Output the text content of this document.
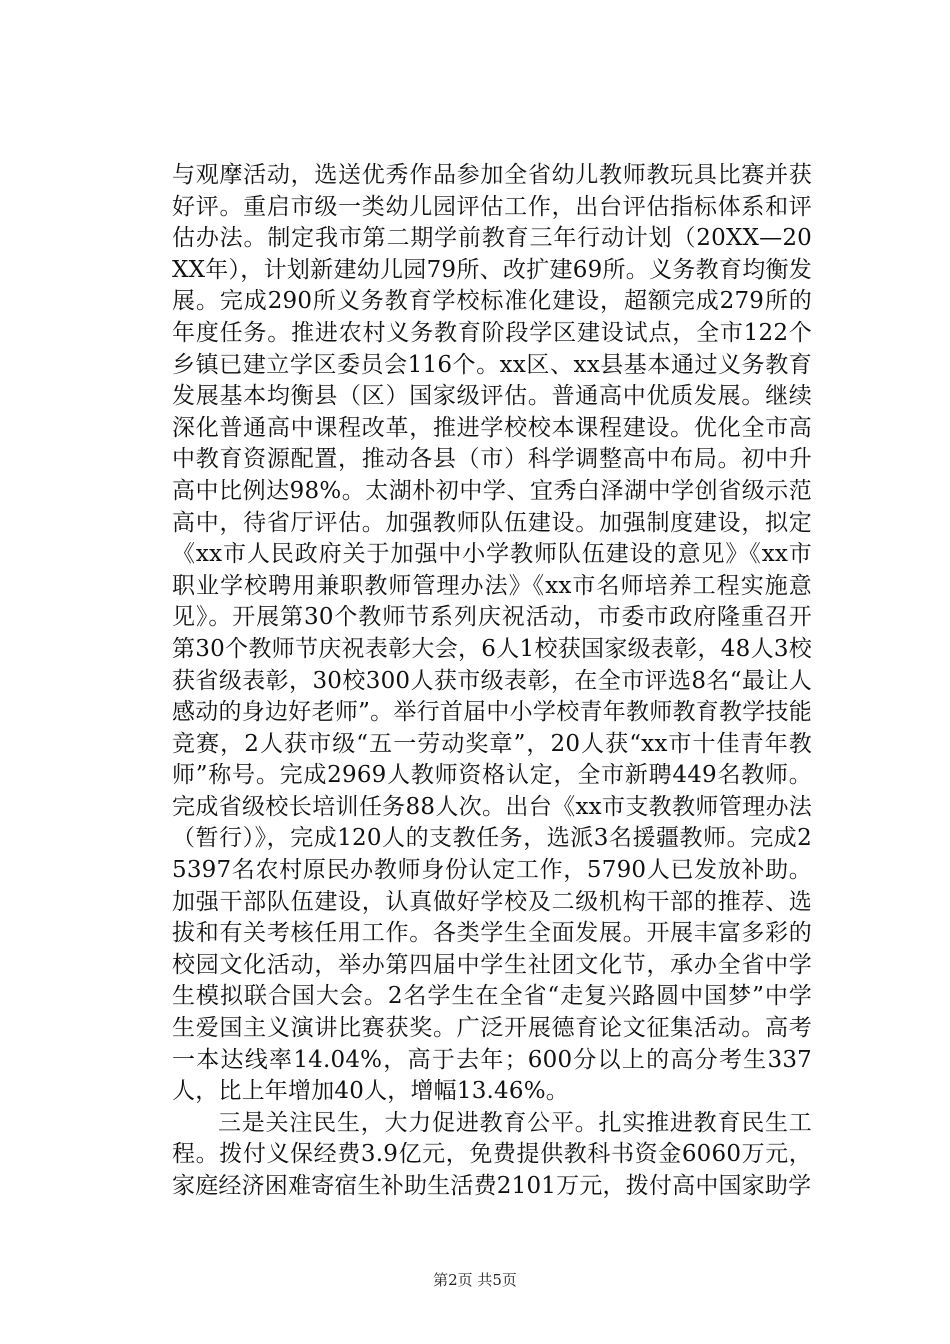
与观摩活动，选送优秀作品参加全省幼儿教师教玩具比赛并获好评。重启市级一类幼儿园评估工作，出台评估指标体系和评估办法。制定我市第二期学前教育三年行动计划（20XX—20XX年），计划新建幼儿园79所、改扩建69所。义务教育均衡发展。完成290所义务教育学校标准化建设，超额完成279所的年度任务。推进农村义务教育阶段学区建设试点，全市122个乡镇已建立学区委员会116个。xx区、xx县基本通过义务教育发展基本均衡县（区）国家级评估。普通高中优质发展。继续深化普通高中课程改革，推进学校校本课程建设。优化全市高中教育资源配置，推动各县（市）科学调整高中布局。初中升高中比例达98%。太湖朴初中学、宜秀白泽湖中学创省级示范高中，待省厅评估。加强教师队伍建设。加强制度建设，拟定《xx市人民政府关于加强中小学教师队伍建设的意见》《xx市职业学校聘用兼职教师管理办法》《xx市名师培养工程实施意见》。开展第30个教师节系列庆祝活动，市委市政府隆重召开第30个教师节庆祝表彰大会，6人1校获国家级表彰，48人3校获省级表彰，30校300人获市级表彰，在全市评选8名“最让人感动的身边好老师”。举行首届中小学校青年教师教育教学技能竞赛，2人获市级“五一劳动奖章”，20人获“xx市十佳青年教师”称号。完成2969人教师资格认定，全市新聘449名教师。完成省级校长培训任务88人次。出台《xx市支教教师管理办法（暂行）》，完成120人的支教任务，选派3名援疆教师。完成25397名农村原民办教师身份认定工作，5790人已发放补助。加强干部队伍建设，认真做好学校及二级机构干部的推荐、选拔和有关考核任用工作。各类学生全面发展。开展丰富多彩的校园文化活动，举办第四届中学生社团文化节，承办全省中学生模拟联合国大会。2名学生在全省“走复兴路圆中国梦”中学生爱国主义演讲比赛获奖。广泛开展德育论文征集活动。高考一本达线率14.04%，高于去年；600分以上的高分考生337人，比上年增加40人，增幅13.46%。

三是关注民生，大力促进教育公平。扎实推进教育民生工程。拨付义保经费3.9亿元，免费提供教科书资金6060万元，家庭经济困难寄宿生补助生活费2101万元，拨付高中国家助学

第2页 共5页
